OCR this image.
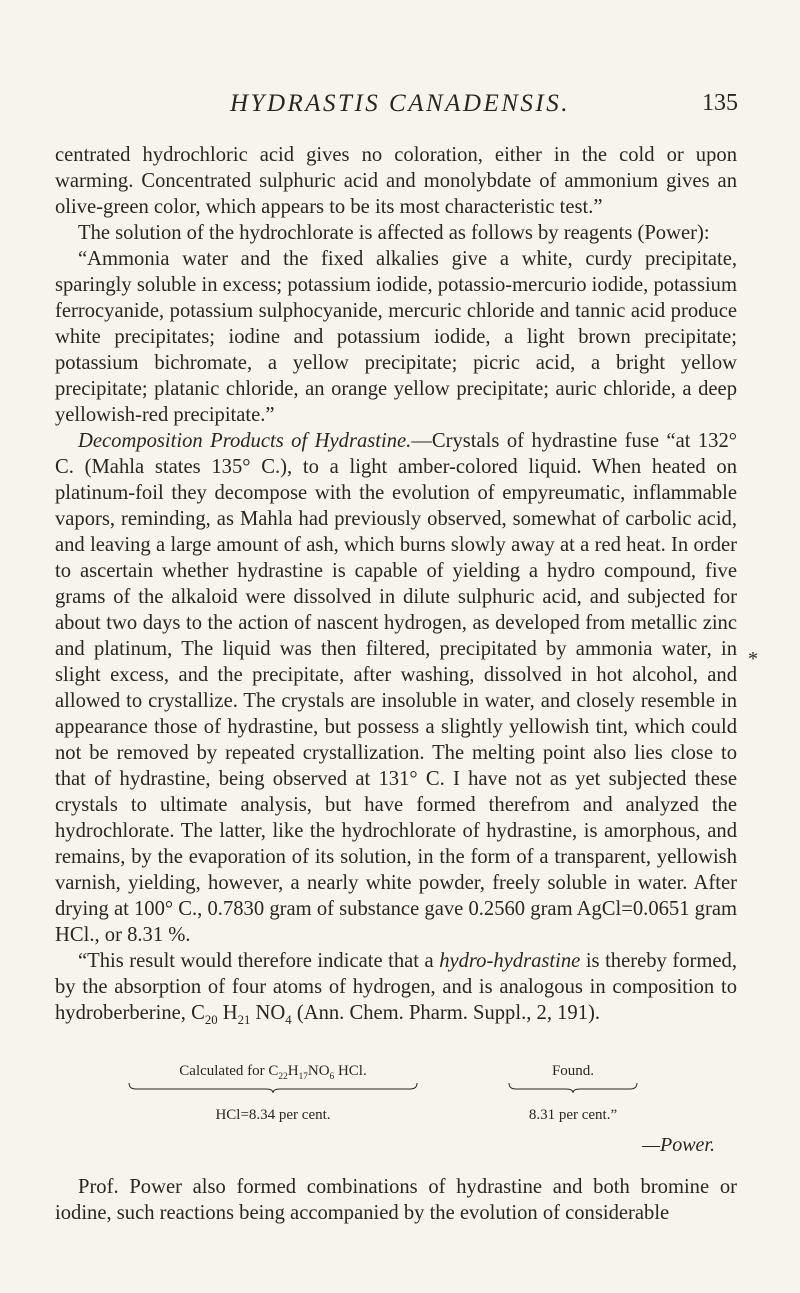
HYDRASTIS CANADENSIS.	135

centrated hydrochloric acid gives no coloration, either in the cold or upon warming. Concentrated sulphuric acid and monolybdate of ammonium gives an olive-green color, which appears to be its most characteristic test.”

The solution of the hydrochlorate is affected as follows by reagents (Power):

“Ammonia water and the fixed alkalies give a white, curdy precipitate, sparingly soluble in excess; potassium iodide, potassio-mercurio iodide, potassium ferrocyanide, potassium sulphocyanide, mercuric chloride and tannic acid produce white precipitates; iodine and potassium iodide, a light brown precipitate; potassium bichromate, a yellow precipitate; picric acid, a bright yellow precipitate; platanic chloride, an orange yellow precipitate; auric chloride, a deep yellowish-red precipitate.”

Decomposition Products of Hydrastine.—Crystals of hydrastine fuse “at 132° C. (Mahla states 135° C.), to a light amber-colored liquid. When heated on platinum-foil they decompose with the evolution of empyreumatic, inflammable vapors, reminding, as Mahla had previously observed, somewhat of carbolic acid, and leaving a large amount of ash, which burns slowly away at a red heat. In order to ascertain whether hydrastine is capable of yielding a hydro compound, five grams of the alkaloid were dissolved in dilute sulphuric acid, and subjected for about two days to the action of nascent hydrogen, as developed from metallic zinc and platinum, The liquid was then filtered, precipitated by ammonia water, in slight excess, and the precipitate, after washing, dissolved in hot alcohol, and allowed to crystallize. The crystals are insoluble in water, and closely resemble in appearance those of hydrastine, but possess a slightly yellowish tint, which could not be removed by repeated crystallization. The melting point also lies close to that of hydrastine, being observed at 131° C. I have not as yet subjected these crystals to ultimate analysis, but have formed therefrom and analyzed the hydrochlorate. The latter, like the hydrochlorate of hydrastine, is amorphous, and remains, by the evaporation of its solution, in the form of a transparent, yellowish varnish, yielding, however, a nearly white powder, freely soluble in water. After drying at 100° C., 0.7830 gram of substance gave 0.2560 gram AgCl=0.0651 gram HCl., or 8.31 %.

“This result would therefore indicate that a hydro-hydrastine is thereby formed, by the absorption of four atoms of hydrogen, and is analogous in composition to hydroberberine, $C_{20}$ $H_{21}$ $NO_4$ (Ann. Chem. Pharm. Suppl., 2, 191).

*
Calculated for $C_{22}H_{17}NO_6$ HCl.	Found.
HCl=8.34 per cent.	8.31 per cent.”
—Power.

Prof. Power also formed combinations of hydrastine and both bromine or iodine, such reactions being accompanied by the evolution of considerable
